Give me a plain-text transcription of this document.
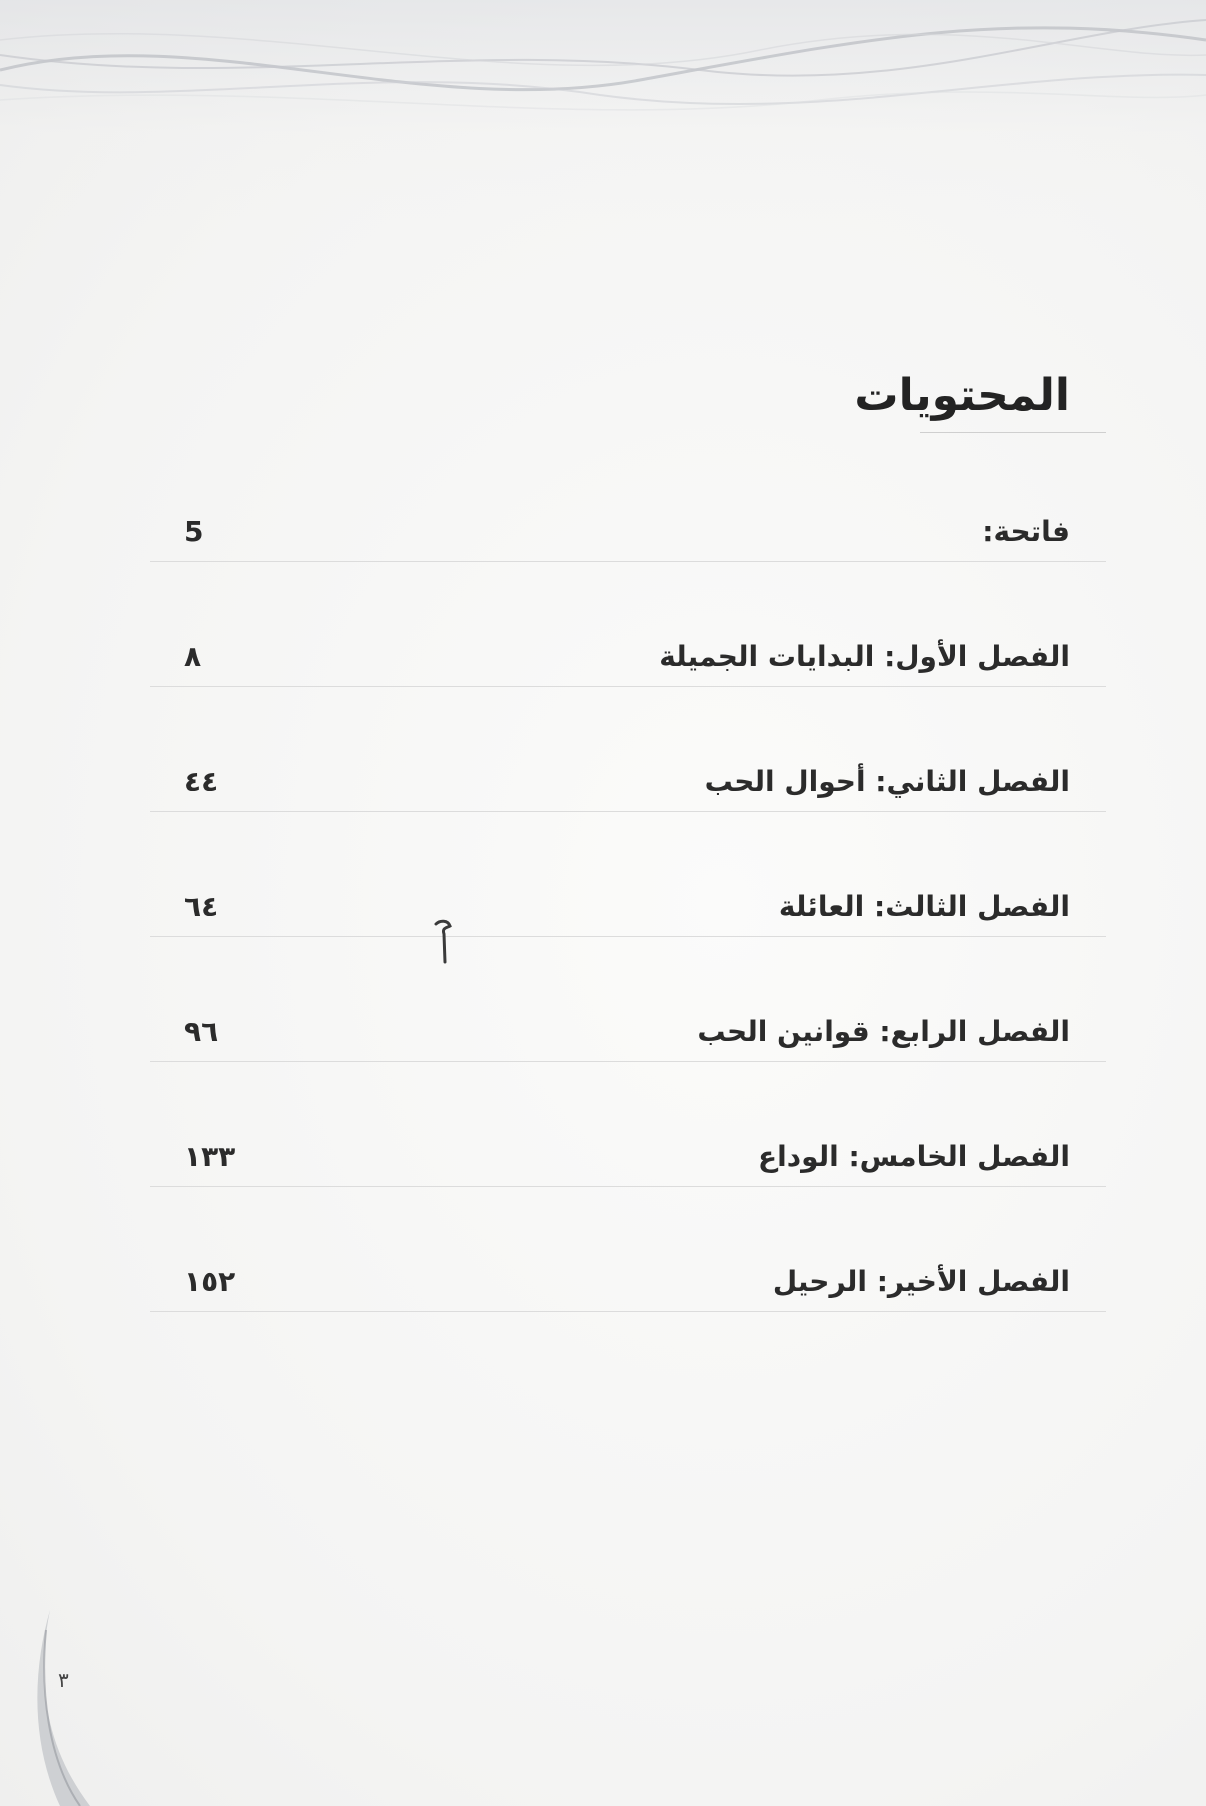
المحتويات
فاتحة:
5
الفصل الأول: البدايات الجميلة
٨
الفصل الثاني: أحوال الحب
٤٤
الفصل الثالث: العائلة
٦٤
الفصل الرابع: قوانين الحب
٩٦
الفصل الخامس: الوداع
١٣٣
الفصل الأخير: الرحيل
١٥٢
٣
